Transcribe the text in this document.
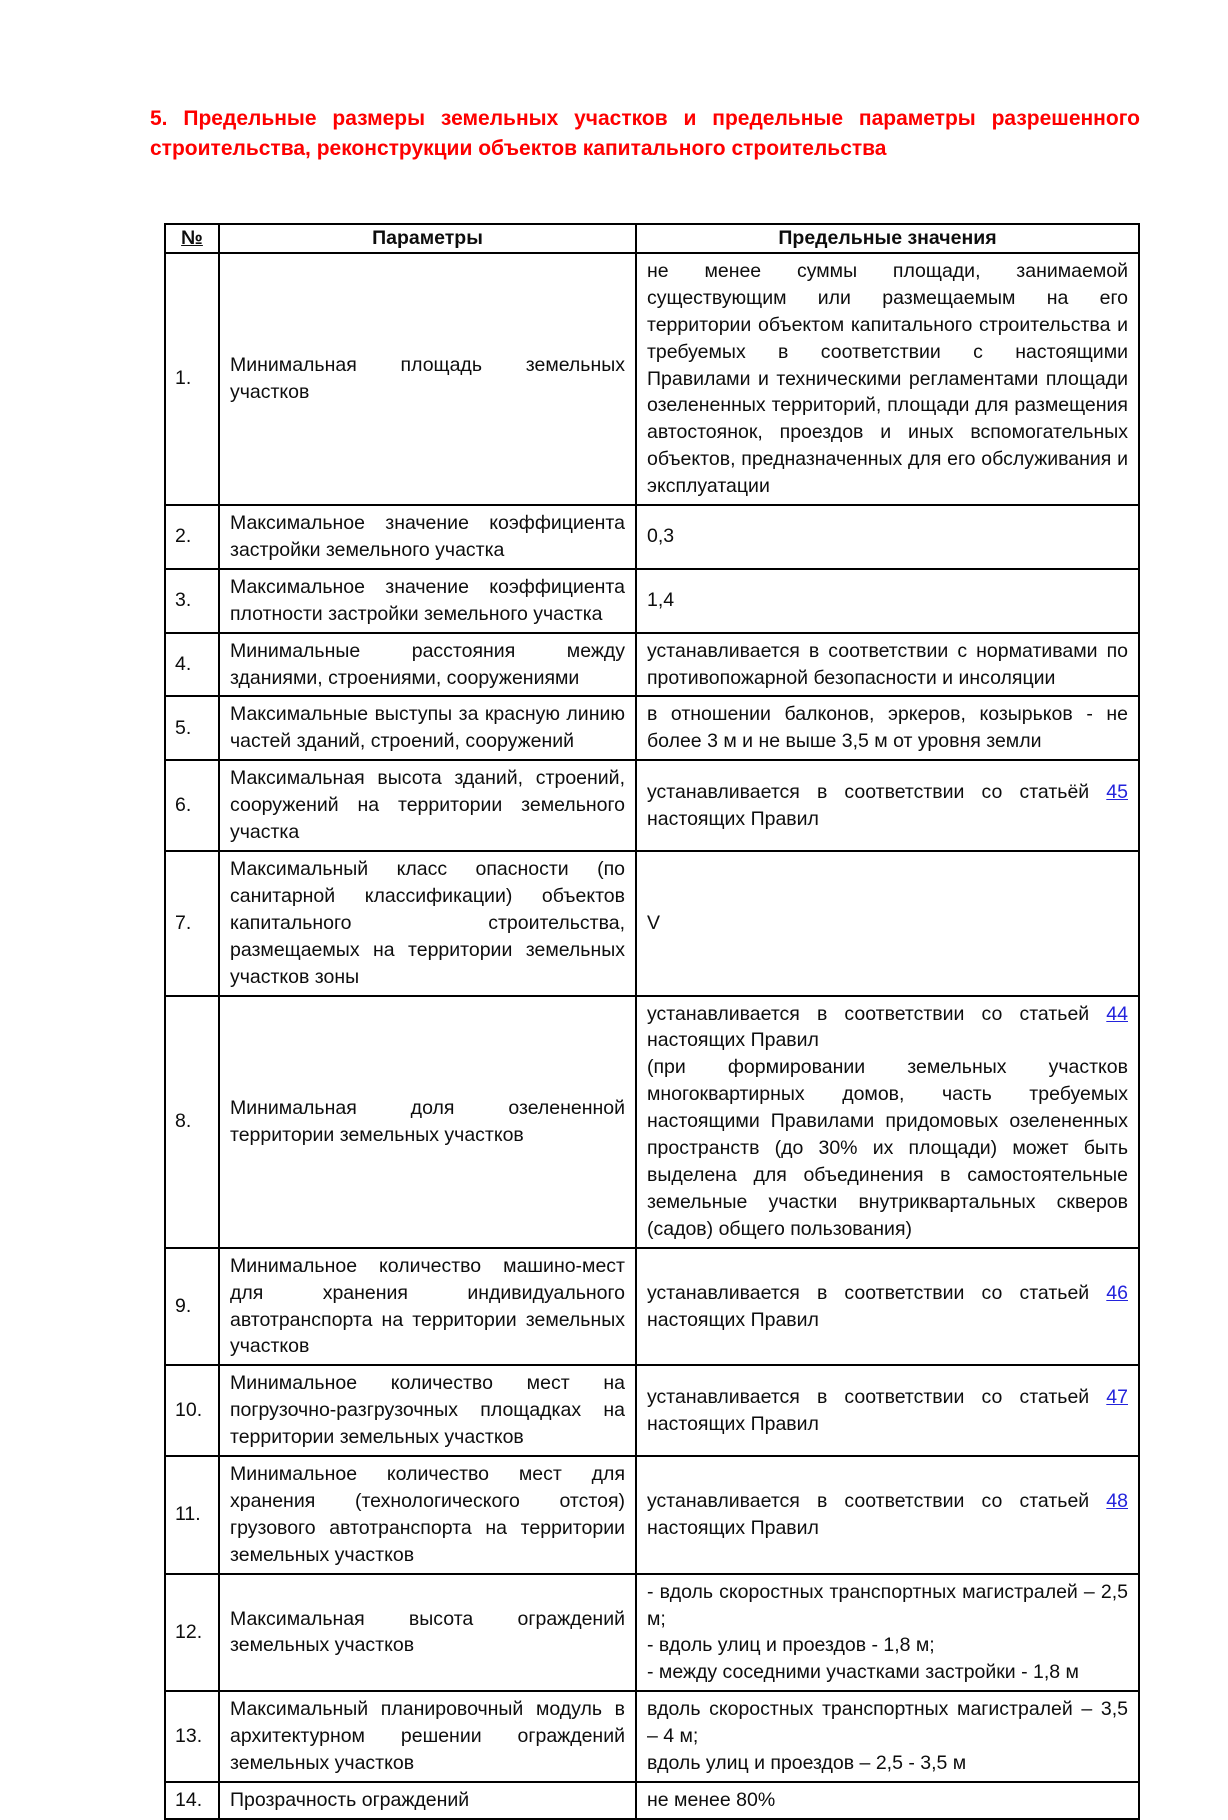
5. Предельные размеры земельных участков и предельные параметры разрешенного строительства, реконструкции объектов капитального строительства

№	Параметры	Предельные значения
1.	Минимальная площадь земельных участков	не менее суммы площади, занимаемой существующим или размещаемым на его территории объектом капитального строительства и требуемых в соответствии с настоящими Правилами и техническими регламентами площади озелененных территорий, площади для размещения автостоянок, проездов и иных вспомогательных объектов, предназначенных для его обслуживания и эксплуатации

2.	Максимальное значение коэффициента застройки земельного участка	0,3

3.	Максимальное значение коэффициента плотности застройки земельного участка	1,4

4.	Минимальные расстояния между зданиями, строениями, сооружениями	устанавливается в соответствии с нормативами по противопожарной безопасности и инсоляции

5.	Максимальные выступы за красную линию частей зданий, строений, сооружений	в отношении балконов, эркеров, козырьков - не более 3 м и не выше 3,5 м от уровня земли

6.	Максимальная высота зданий, строений, сооружений на территории земельного участка	устанавливается в соответствии со статьёй 45 настоящих Правил

7.	Максимальный класс опасности (по санитарной классификации) объектов капитального строительства, размещаемых на территории земельных участков зоны	V

8.	Минимальная доля озелененной территории земельных участков	устанавливается в соответствии со статьей 44 настоящих Правил

(при формировании земельных участков многоквартирных домов, часть требуемых настоящими Правилами придомовых озелененных пространств (до 30% их площади) может быть выделена для объединения в самостоятельные земельные участки внутриквартальных скверов (садов) общего пользования)

9.	Минимальное количество машино-мест для хранения индивидуального автотранспорта на территории земельных участков	устанавливается в соответствии со статьей 46 настоящих Правил

10.	Минимальное количество мест на погрузочно-разгрузочных площадках на территории земельных участков	устанавливается в соответствии со статьей 47 настоящих Правил

11.	Минимальное количество мест для хранения (технологического отстоя) грузового автотранспорта на территории земельных участков	устанавливается в соответствии со статьей 48 настоящих Правил

12.	Максимальная высота ограждений земельных участков	- вдоль скоростных транспортных магистралей – 2,5 м;

- вдоль улиц и проездов - 1,8 м;

- между соседними участками застройки - 1,8 м

13.	Максимальный планировочный модуль в архитектурном решении ограждений земельных участков	вдоль скоростных транспортных магистралей – 3,5 – 4 м;

вдоль улиц и проездов – 2,5 - 3,5 м

14.	Прозрачность ограждений	не менее 80%
